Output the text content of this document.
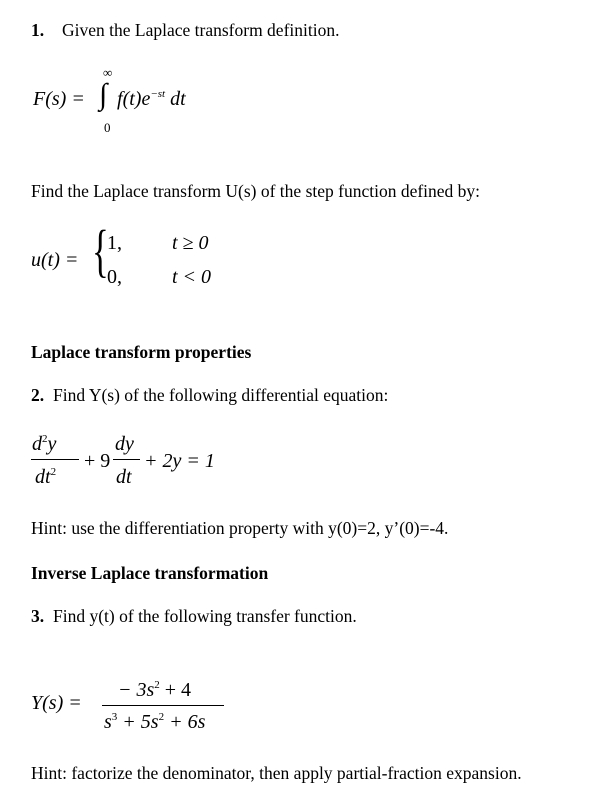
1. Given the Laplace transform definition.
F(s) =
∞
∫
0
$f(t)e^{-st}$ dt
Find the Laplace transform U(s) of the step function defined by:
u(t) = {
1,	t ≥ 0
0,	t < 0
Laplace transform properties
2. Find Y(s) of the following differential equation:
$d^2y$
$dt^2 + 9$
dy
dt
+ 2y = 1
Hint: use the differentiation property with y(0)=2, y’(0)=-4.
Inverse Laplace transformation
3. Find y(t) of the following transfer function.
Y(s) =
− $3s^2 + 4$
$s^3 + 5s^2 + 6s$
Hint: factorize the denominator, then apply partial-fraction expansion.
